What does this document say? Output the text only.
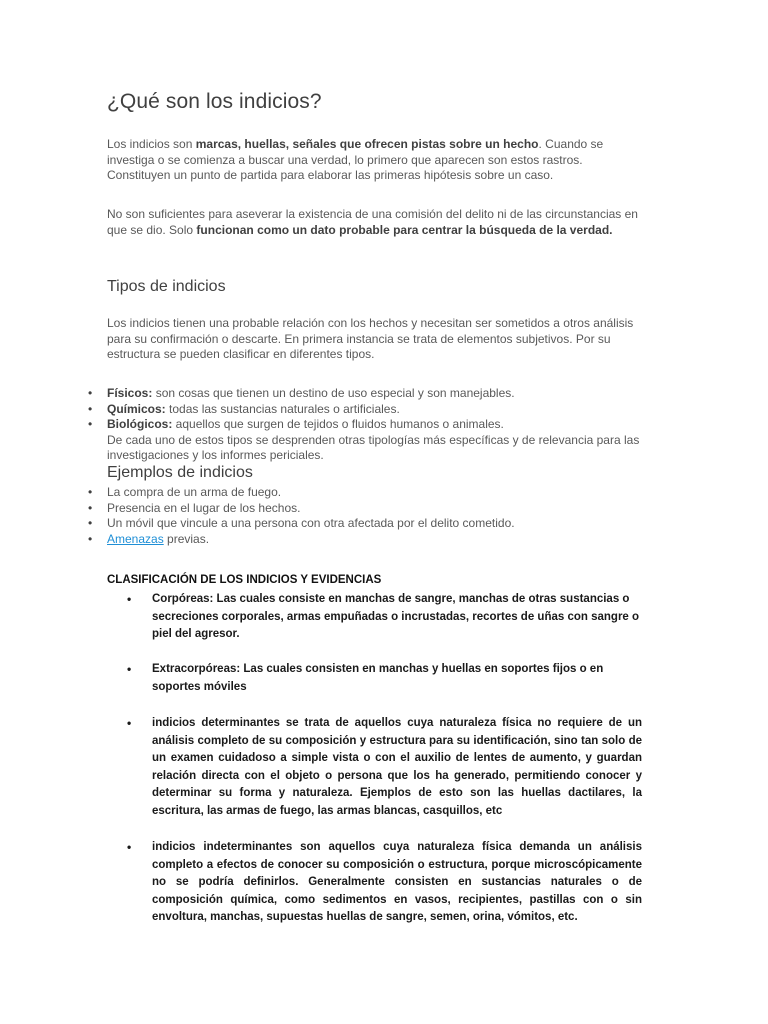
¿Qué son los indicios?

Los indicios son marcas, huellas, señales que ofrecen pistas sobre un hecho. Cuando se investiga o se comienza a buscar una verdad, lo primero que aparecen son estos rastros. Constituyen un punto de partida para elaborar las primeras hipótesis sobre un caso.

No son suficientes para aseverar la existencia de una comisión del delito ni de las circunstancias en que se dio. Solo funcionan como un dato probable para centrar la búsqueda de la verdad.

Tipos de indicios

Los indicios tienen una probable relación con los hechos y necesitan ser sometidos a otros análisis para su confirmación o descarte. En primera instancia se trata de elementos subjetivos. Por su estructura se pueden clasificar en diferentes tipos.

• Físicos: son cosas que tienen un destino de uso especial y son manejables.
• Químicos: todas las sustancias naturales o artificiales.
• Biológicos: aquellos que surgen de tejidos o fluidos humanos o animales.
De cada uno de estos tipos se desprenden otras tipologías más específicas y de relevancia para las investigaciones y los informes periciales.
Ejemplos de indicios
• La compra de un arma de fuego.
• Presencia en el lugar de los hechos.
• Un móvil que vincule a una persona con otra afectada por el delito cometido.
• Amenazas previas.

CLASIFICACIÓN DE LOS INDICIOS Y EVIDENCIAS

• Corpóreas: Las cuales consiste en manchas de sangre, manchas de otras sustancias o secreciones corporales, armas empuñadas o incrustadas, recortes de uñas con sangre o piel del agresor.
• Extracorpóreas: Las cuales consisten en manchas y huellas en soportes fijos o en soportes móviles
• indicios determinantes se trata de aquellos cuya naturaleza física no requiere de un análisis completo de su composición y estructura para su identificación, sino tan solo de un examen cuidadoso a simple vista o con el auxilio de lentes de aumento, y guardan relación directa con el objeto o persona que los ha generado, permitiendo conocer y determinar su forma y naturaleza. Ejemplos de esto son las huellas dactilares, la escritura, las armas de fuego, las armas blancas, casquillos, etc
• indicios indeterminantes son aquellos cuya naturaleza física demanda un análisis completo a efectos de conocer su composición o estructura, porque microscópicamente no se podría definirlos. Generalmente consisten en sustancias naturales o de composición química, como sedimentos en vasos, recipientes, pastillas con o sin envoltura, manchas, supuestas huellas de sangre, semen, orina, vómitos, etc.
